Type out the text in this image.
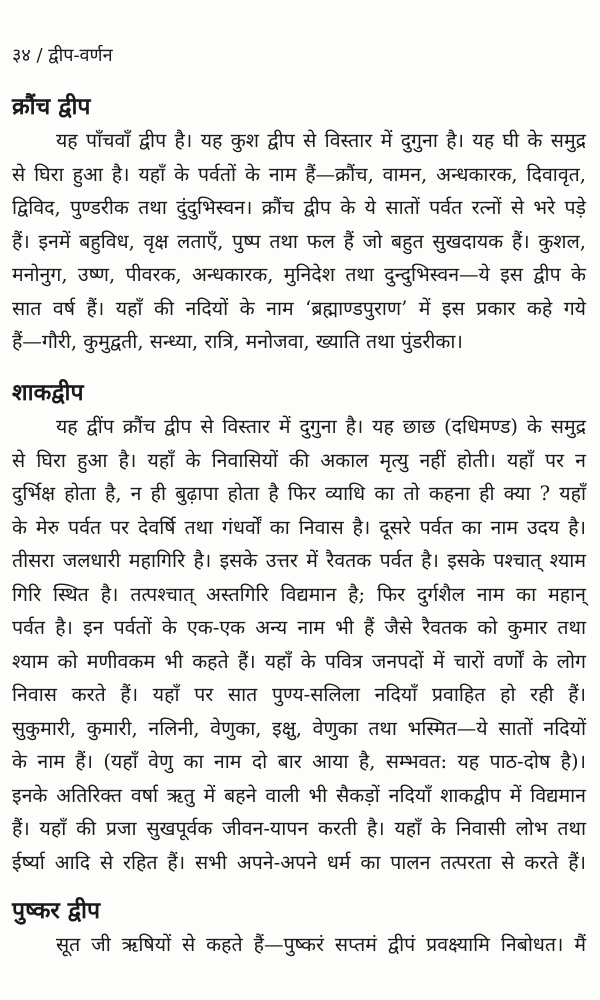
३४ / द्वीप-वर्णन
क्रौंच द्वीप
यह पाँचवाँ द्वीप है। यह कुश द्वीप से विस्तार में दुगुना है। यह घी के समुद्र
से घिरा हुआ है। यहाँ के पर्वतों के नाम हैं—क्रौंच, वामन, अन्धकारक, दिवावृत,
द्विविद, पुण्डरीक तथा दुंदुभिस्वन। क्रौंच द्वीप के ये सातों पर्वत रत्नों से भरे पड़े
हैं। इनमें बहुविध, वृक्ष लताएँ, पुष्प तथा फल हैं जो बहुत सुखदायक हैं। कुशल,
मनोनुग, उष्ण, पीवरक, अन्धकारक, मुनिदेश तथा दुन्दुभिस्वन—ये इस द्वीप के
सात वर्ष हैं। यहाँ की नदियों के नाम ‘ब्रह्माण्डपुराण’ में इस प्रकार कहे गये
हैं—गौरी, कुमुद्वती, सन्ध्या, रात्रि, मनोजवा, ख्याति तथा पुंडरीका।
शाकद्वीप
यह द्वींप क्रौंच द्वीप से विस्तार में दुगुना है। यह छाछ (दधिमण्ड) के समुद्र
से घिरा हुआ है। यहाँ के निवासियों की अकाल मृत्यु नहीं होती। यहाँ पर न
दुर्भिक्ष होता है, न ही बुढ़ापा होता है फिर व्याधि का तो कहना ही क्या ? यहाँ
के मेरु पर्वत पर देवर्षि तथा गंधर्वों का निवास है। दूसरे पर्वत का नाम उदय है।
तीसरा जलधारी महागिरि है। इसके उत्तर में रैवतक पर्वत है। इसके पश्चात् श्याम
गिरि स्थित है। तत्पश्चात् अस्तगिरि विद्यमान है; फिर दुर्गशैल नाम का महान्
पर्वत है। इन पर्वतों के एक-एक अन्य नाम भी हैं जैसे रैवतक को कुमार तथा
श्याम को मणीवकम भी कहते हैं। यहाँ के पवित्र जनपदों में चारों वर्णों के लोग
निवास करते हैं। यहाँ पर सात पुण्य-सलिला नदियाँ प्रवाहित हो रही हैं।
सुकुमारी, कुमारी, नलिनी, वेणुका, इक्षु, वेणुका तथा भस्मित—ये सातों नदियों
के नाम हैं। (यहाँ वेणु का नाम दो बार आया है, सम्भवत: यह पाठ-दोष है)।
इनके अतिरिक्त वर्षा ऋतु में बहने वाली भी सैकड़ों नदियाँ शाकद्वीप में विद्यमान
हैं। यहाँ की प्रजा सुखपूर्वक जीवन-यापन करती है। यहाँ के निवासी लोभ तथा
ईर्ष्या आदि से रहित हैं। सभी अपने-अपने धर्म का पालन तत्परता से करते हैं।
पुष्कर द्वीप
सूत जी ऋषियों से कहते हैं—पुष्करं सप्तमं द्वीपं प्रवक्ष्यामि निबोधत। मैं
